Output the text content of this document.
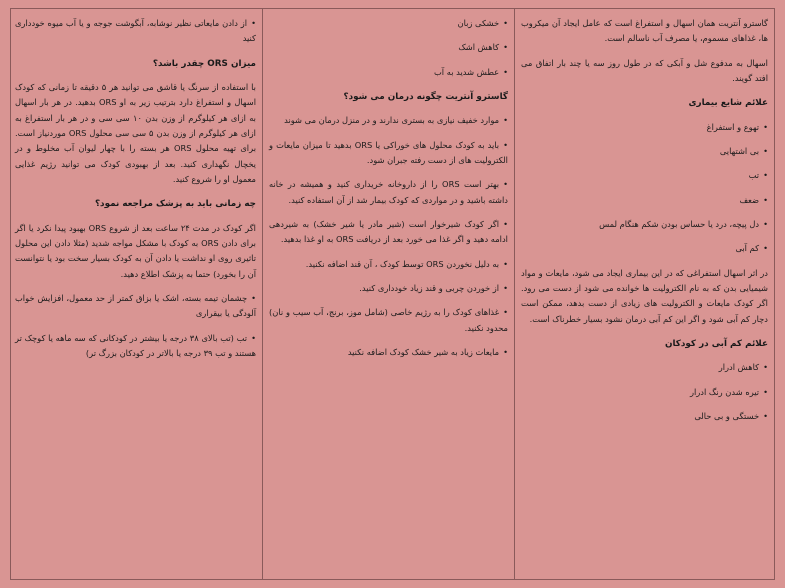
گاسترو آنتریت همان اسهال و استفراغ است که عامل ایجاد آن میکروب ها، غذاهای مسموم، یا مصرف آب ناسالم است.
اسهال به مدفوع شل و آبکی که در طول روز سه یا چند بار اتفاق می افتد گویند.
علائم شایع بیماری
• تهوع و استفراغ
• بی اشتهایی
• تب
• ضعف
• دل پیچه، درد یا حساس بودن شکم هنگام لمس
• کم آبی
در اثر اسهال استفراغی که در این بیماری ایجاد می شود، مایعات و مواد شیمیایی بدن که به نام الکترولیت ها خوانده می شود از دست می رود. اگر کودک مایعات و الکترولیت های زیادی از دست بدهد، ممکن است دچار کم آبی شود و اگر این کم آبی درمان نشود بسیار خطرناک است.
علائم کم آبی در کودکان
• کاهش ادرار
• تیره شدن رنگ ادرار
• خستگی و بی حالی
• خشکی زبان
• کاهش اشک
• عطش شدید به آب
گاسترو آنتریت چگونه درمان می شود؟
• موارد خفیف نیازی به بستری ندارند و در منزل درمان می شوند
• باید به کودک محلول های خوراکی یا ORS بدهید تا میزان مایعات و الکترولیت های از دست رفته جبران شود.
• بهتر است ORS را از داروخانه خریداری کنید و همیشه در خانه داشته باشید و در مواردی که کودک بیمار شد از آن استفاده کنید.
• اگر کودک شیرخوار است (شیر مادر یا شیر خشک) به شیردهی ادامه دهید و اگر غذا می خورد بعد از دریافت ORS به او غذا بدهید.
• به دلیل نخوردن ORS توسط کودک ، آن قند اضافه نکنید.
• از خوردن چربی و قند زیاد خودداری کنید.
• غذاهای کودک را به رژیم خاصی (شامل موز، برنج، آب سیب و نان) محدود نکنید.
• مایعات زیاد به شیر خشک کودک اضافه نکنید
• از دادن مایعاتی نظیر نوشابه، آبگوشت جوجه و یا آب میوه خودداری کنید
میزان ORS چقدر باشد؟
با استفاده از سرنگ یا قاشق می توانید هر ۵ دقیقه تا زمانی که کودک اسهال و استفراغ دارد بترتیب زیر به او ORS بدهید. در هر بار اسهال به ازای هر کیلوگرم از وزن بدن ۱۰ سی سی و در هر بار استفراغ به ازای هر کیلوگرم از وزن بدن ۵ سی سی محلول ORS موردنیاز است. برای تهیه محلول ORS هر بسته را با چهار لیوان آب مخلوط و در یخچال نگهداری کنید. بعد از بهبودی کودک می توانید رژیم غذایی معمول او را شروع کنید.
چه زمانی باید به پزشک مراجعه نمود؟
اگر کودک در مدت ۲۴ ساعت بعد از شروع ORS بهبود پیدا نکرد یا اگر برای دادن ORS به کودک با مشکل مواجه شدید (مثلا دادن این محلول تاثیری روی او نداشت یا دادن آن به کودک بسیار سخت بود یا نتوانست آن را بخورد) حتما به پزشک اطلاع دهید.
• چشمان تیمه بسته، اشک یا بزاق کمتر از حد معمول، افزایش خواب آلودگی یا بیقراری
• تب (تب بالای ۳۸ درجه یا بیشتر در کودکانی که سه ماهه یا کوچک تر هستند و تب ۳۹ درجه یا بالاتر در کودکان بزرگ تر)
